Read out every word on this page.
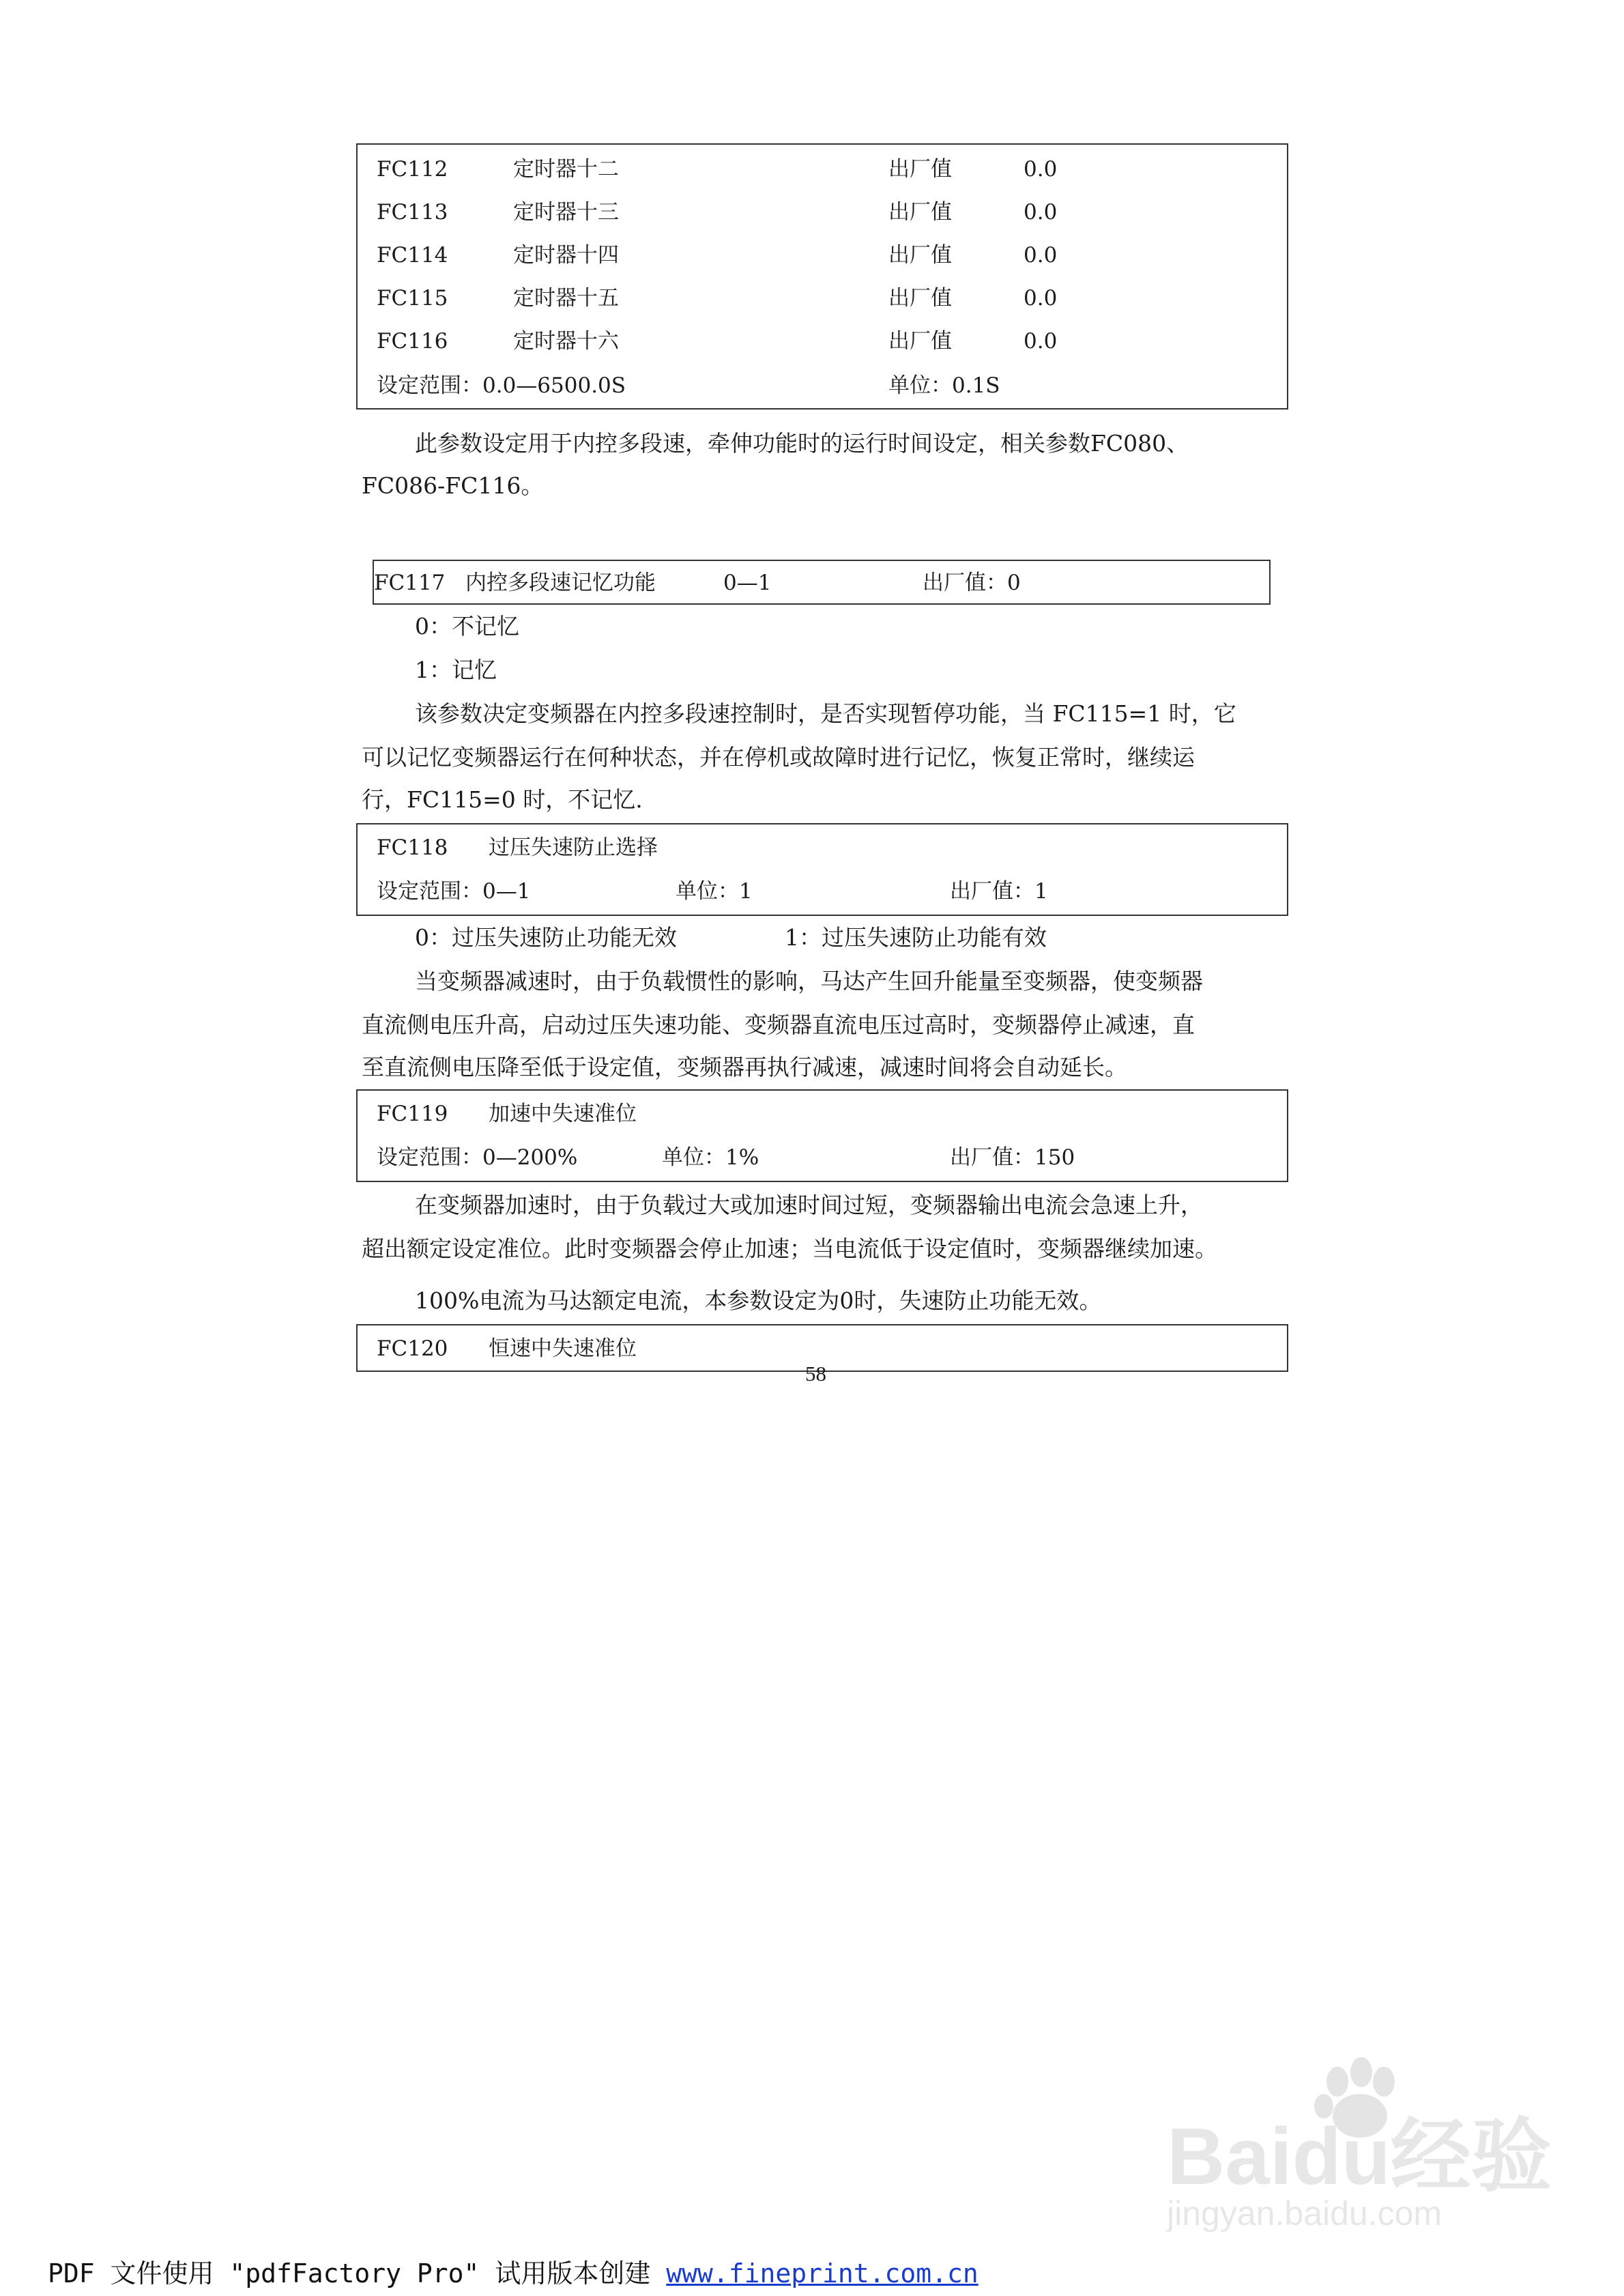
FC112	定时器十二	出厂值	0.0
FC113	定时器十三	出厂值	0.0
FC114	定时器十四	出厂值	0.0
FC115	定时器十五	出厂值	0.0
FC116	定时器十六	出厂值	0.0
设定范围：0.0—6500.0S	单位：0.1S
此参数设定用于内控多段速，牵伸功能时的运行时间设定，相关参数FC080、
FC086-FC116。
FC117 内控多段速记忆功能	0—1	出厂值：0
0：不记忆
1：记忆
该参数决定变频器在内控多段速控制时，是否实现暂停功能，当 FC115=1 时，它
可以记忆变频器运行在何种状态，并在停机或故障时进行记忆，恢复正常时，继续运
行，FC115=0 时，不记忆.
FC118 过压失速防止选择
设定范围：0—1	单位：1	出厂值：1
0：过压失速防止功能无效	1：过压失速防止功能有效
当变频器减速时，由于负载惯性的影响，马达产生回升能量至变频器，使变频器
直流侧电压升高，启动过压失速功能、变频器直流电压过高时，变频器停止减速，直
至直流侧电压降至低于设定值，变频器再执行减速，减速时间将会自动延长。
FC119 加速中失速准位
设定范围：0—200%	单位：1%	出厂值：150
在变频器加速时，由于负载过大或加速时间过短，变频器输出电流会急速上升，
超出额定设定准位。此时变频器会停止加速；当电流低于设定值时，变频器继续加速。
100%电流为马达额定电流，本参数设定为0时，失速防止功能无效。
FC120 恒速中失速准位
58
Baidu经验
jingyan.baidu.com
PDF 文件使用 "pdfFactory Pro" 试用版本创建 www.fineprint.com.cn
